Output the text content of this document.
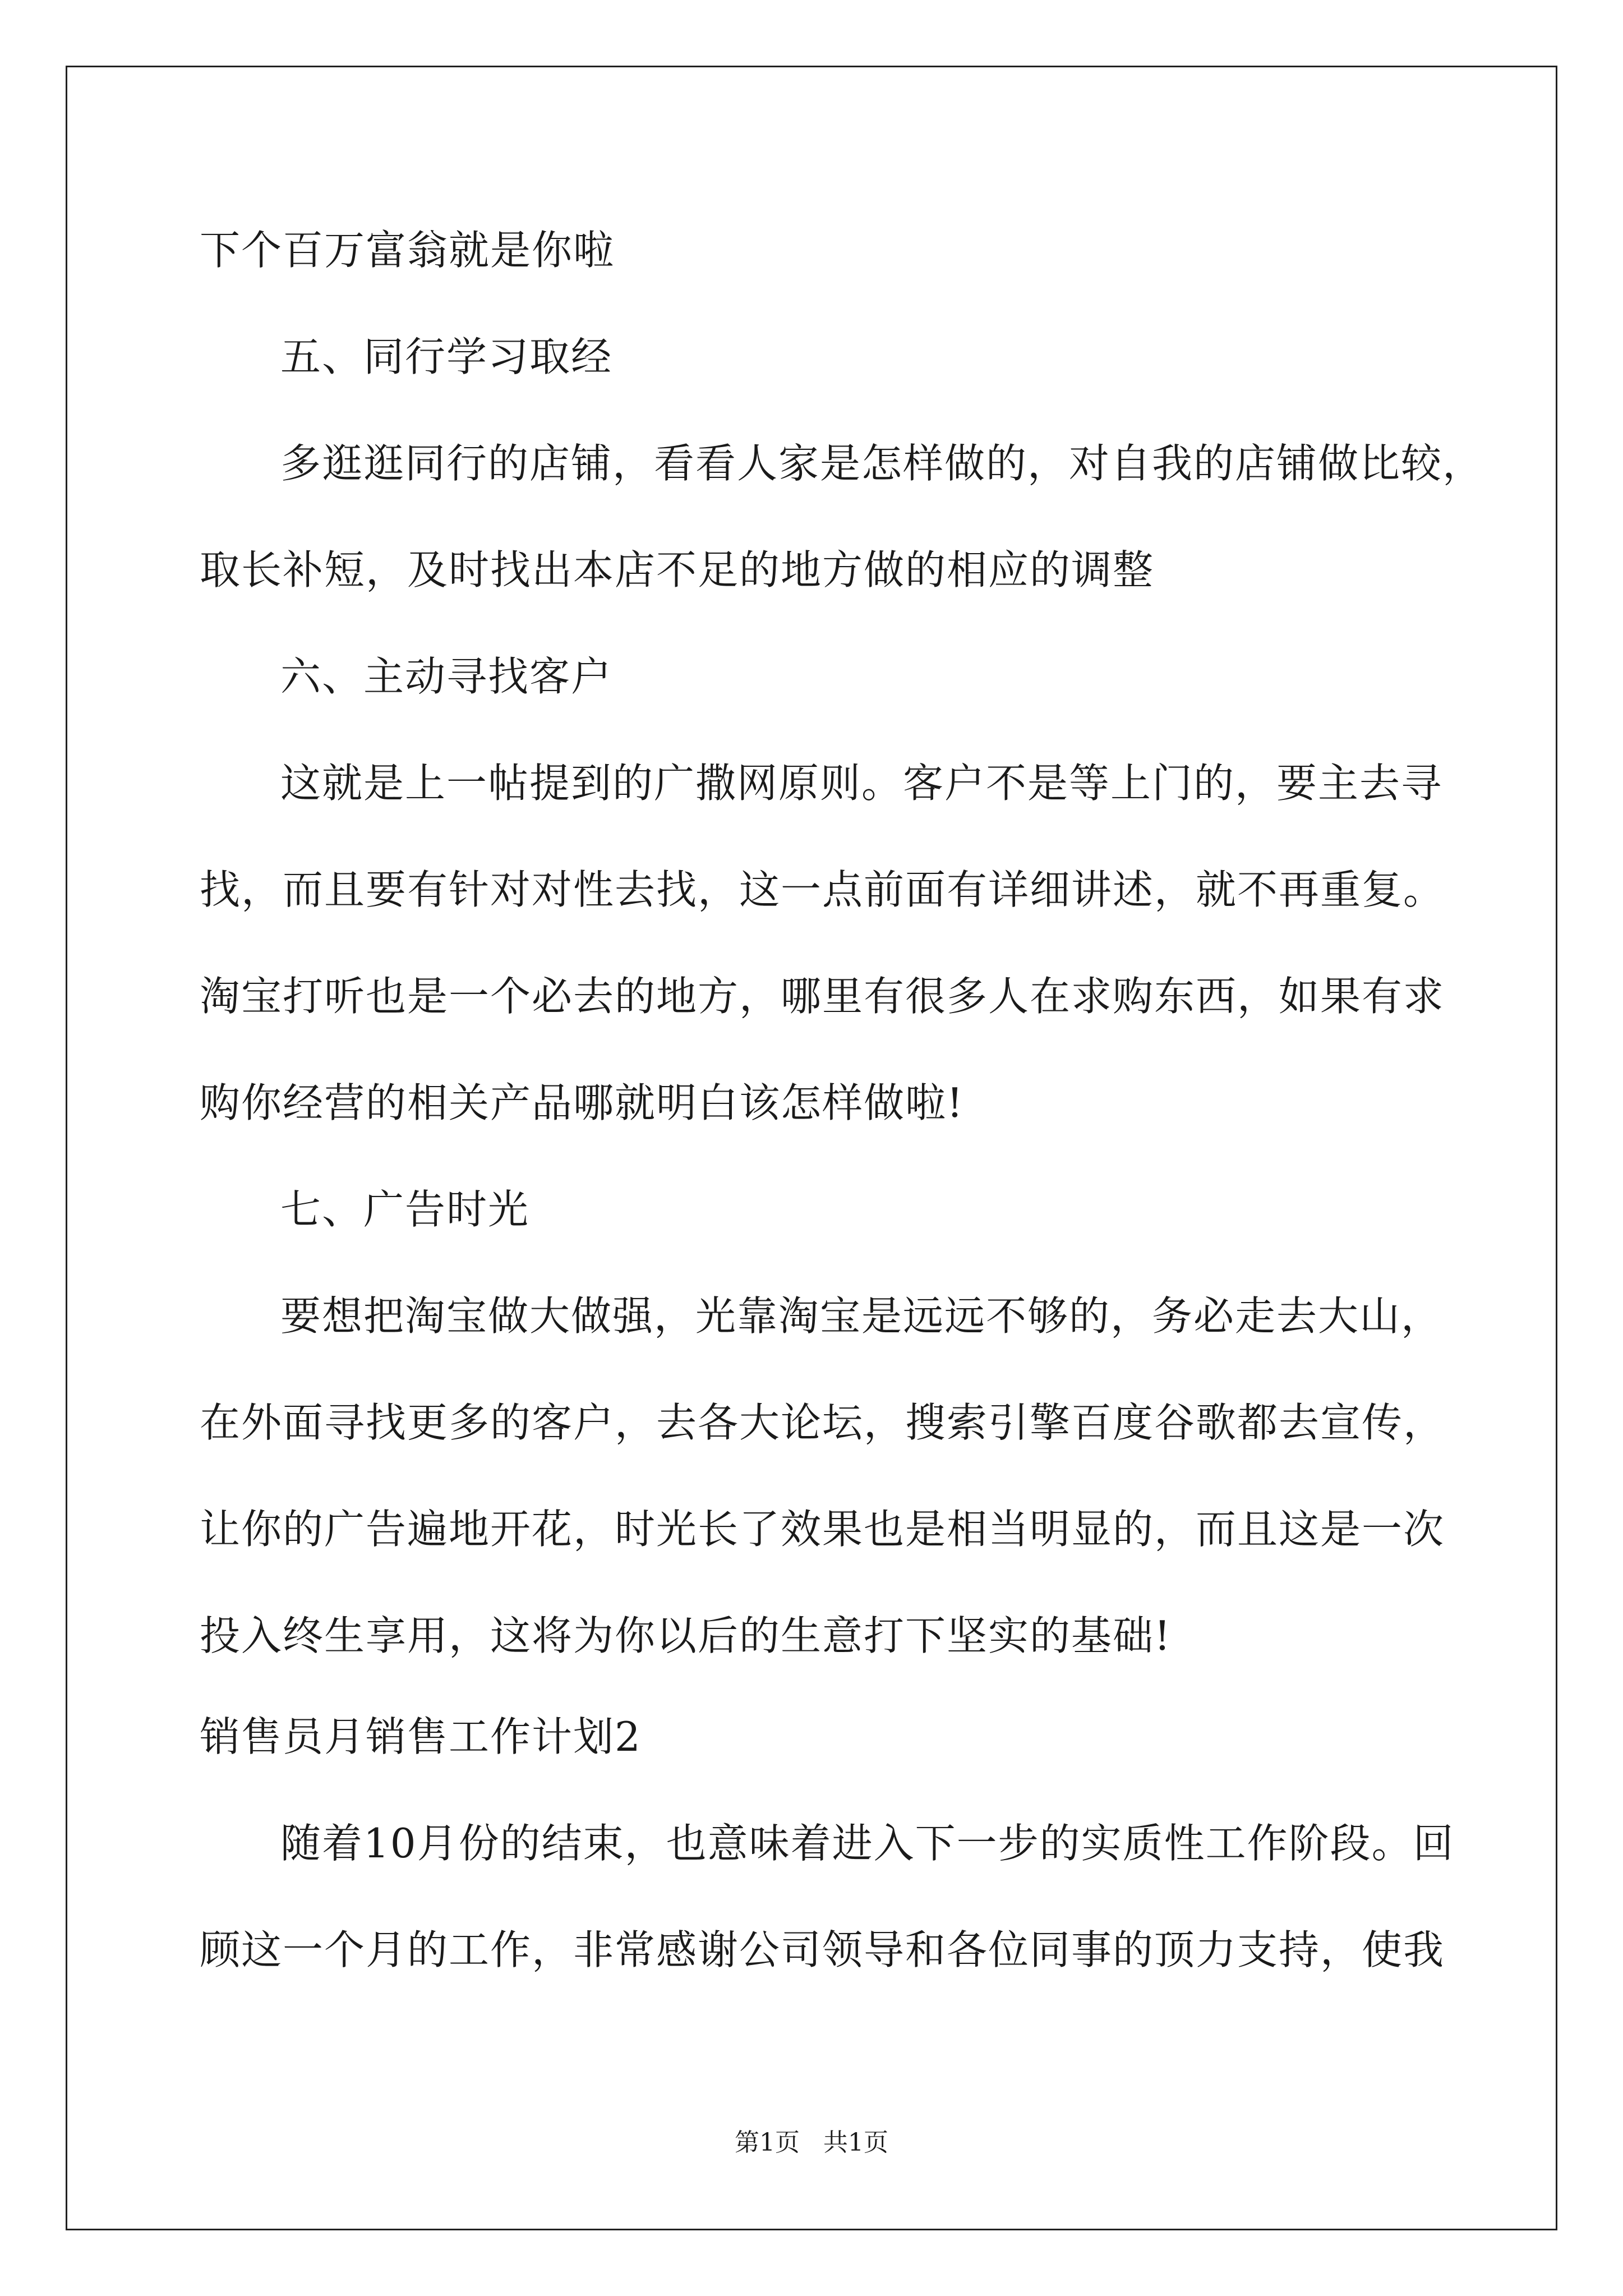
下个百万富翁就是你啦
五、同行学习取经
多逛逛同行的店铺，看看人家是怎样做的，对自我的店铺做比较，
取长补短，及时找出本店不足的地方做的相应的调整
六、主动寻找客户
这就是上一帖提到的广撒网原则。客户不是等上门的，要主去寻
找，而且要有针对对性去找，这一点前面有详细讲述，就不再重复。
淘宝打听也是一个必去的地方，哪里有很多人在求购东西，如果有求
购你经营的相关产品哪就明白该怎样做啦!
七、广告时光
要想把淘宝做大做强，光靠淘宝是远远不够的，务必走去大山，
在外面寻找更多的客户，去各大论坛，搜索引擎百度谷歌都去宣传，
让你的广告遍地开花，时光长了效果也是相当明显的，而且这是一次
投入终生享用，这将为你以后的生意打下坚实的基础!
销售员月销售工作计划2
随着10月份的结束，也意味着进入下一步的实质性工作阶段。回
顾这一个月的工作，非常感谢公司领导和各位同事的顶力支持，使我
第1页   共1页
